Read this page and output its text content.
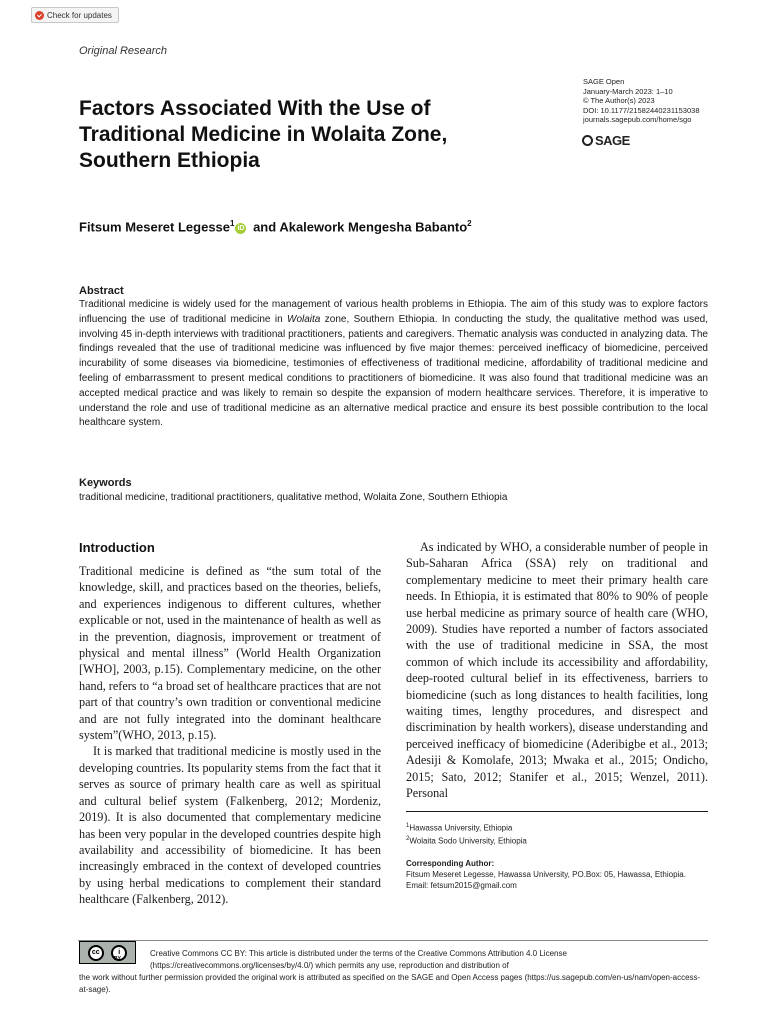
Check for updates
Original Research
SAGE Open
January-March 2023: 1–10
© The Author(s) 2023
DOI: 10.1177/21582440231153038
journals.sagepub.com/home/sgo
SAGE
Factors Associated With the Use of Traditional Medicine in Wolaita Zone, Southern Ethiopia
Fitsum Meseret Legesse$^1$iD and Akalework Mengesha Babanto$^2$
Abstract

Traditional medicine is widely used for the management of various health problems in Ethiopia. The aim of this study was to explore factors influencing the use of traditional medicine in Wolaita zone, Southern Ethiopia. In conducting the study, the qualitative method was used, involving 45 in-depth interviews with traditional practitioners, patients and caregivers. Thematic analysis was conducted in analyzing data. The findings revealed that the use of traditional medicine was influenced by five major themes: perceived inefficacy of biomedicine, perceived incurability of some diseases via biomedicine, testimonies of effectiveness of traditional medicine, affordability of traditional medicine and feeling of embarrassment to present medical conditions to practitioners of biomedicine. It was also found that traditional medicine was an accepted medical practice and was likely to remain so despite the expansion of modern healthcare services. Therefore, it is imperative to understand the role and use of traditional medicine as an alternative medical practice and ensure its best possible contribution to the local healthcare system.

Keywords
traditional medicine, traditional practitioners, qualitative method, Wolaita Zone, Southern Ethiopia
Introduction

Traditional medicine is defined as “the sum total of the knowledge, skill, and practices based on the theories, beliefs, and experiences indigenous to different cultures, whether explicable or not, used in the maintenance of health as well as in the prevention, diagnosis, improvement or treatment of physical and mental illness” (World Health Organization [WHO], 2003, p.15). Complementary medicine, on the other hand, refers to “a broad set of healthcare practices that are not part of that country’s own tradition or conventional medicine and are not fully integrated into the dominant healthcare system”(WHO, 2013, p.15).

It is marked that traditional medicine is mostly used in the developing countries. Its popularity stems from the fact that it serves as source of primary health care as well as spiritual and cultural belief system (Falkenberg, 2012; Mordeniz, 2019). It is also documented that complementary medicine has been very popular in the developed countries despite high availability and accessibility of biomedicine. It has been increasingly embraced in the context of developed countries by using herbal medications to complement their standard healthcare (Falkenberg, 2012).

As indicated by WHO, a considerable number of people in Sub-Saharan Africa (SSA) rely on traditional and complementary medicine to meet their primary health care needs. In Ethiopia, it is estimated that 80% to 90% of people use herbal medicine as primary source of health care (WHO, 2009). Studies have reported a number of factors associated with the use of traditional medicine in SSA, the most common of which include its accessibility and affordability, deep-rooted cultural belief in its effectiveness, barriers to biomedicine (such as long distances to health facilities, long waiting times, lengthy procedures, and disrespect and discrimination by health workers), disease understanding and perceived inefficacy of biomedicine (Aderibigbe et al., 2013; Adesiji & Komolafe, 2013; Mwaka et al., 2015; Ondicho, 2015; Sato, 2012; Stanifer et al., 2015; Wenzel, 2011). Personal

$^1$Hawassa University, Ethiopia
$^2$Wolaita Sodo University, Ethiopia
Corresponding Author:
Fitsum Meseret Legesse, Hawassa University, PO.Box: 05, Hawassa, Ethiopia.
Email: fetsum2015@gmail.com
cc	i
BY
Creative Commons CC BY: This article is distributed under the terms of the Creative Commons Attribution 4.0 License (https://creativecommons.org/licenses/by/4.0/) which permits any use, reproduction and distribution of
the work without further permission provided the original work is attributed as specified on the SAGE and Open Access pages (https://us.sagepub.com/en-us/nam/open-access-at-sage).
